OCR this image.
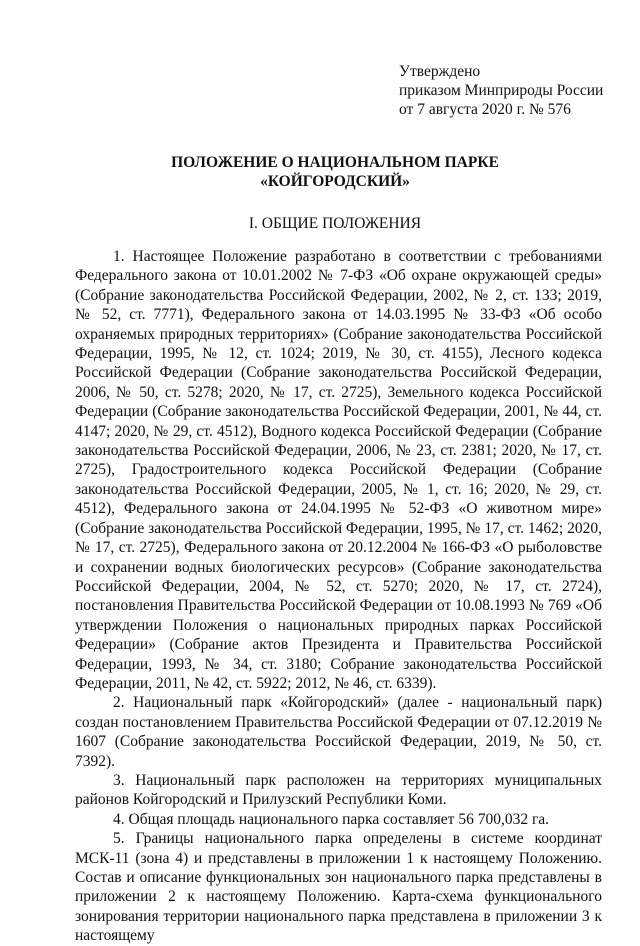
Утверждено
приказом Минприроды России
от 7 августа 2020 г. № 576
ПОЛОЖЕНИЕ О НАЦИОНАЛЬНОМ ПАРКЕ
«КОЙГОРОДСКИЙ»
I. ОБЩИЕ ПОЛОЖЕНИЯ

1. Настоящее Положение разработано в соответствии с требованиями Федерального закона от 10.01.2002 № 7-ФЗ «Об охране окружающей среды» (Собрание законодательства Российской Федерации, 2002, № 2, ст. 133; 2019, № 52, ст. 7771), Федерального закона от 14.03.1995 № 33-ФЗ «Об особо охраняемых природных территориях» (Собрание законодательства Российской Федерации, 1995, № 12, ст. 1024; 2019, № 30, ст. 4155), Лесного кодекса Российской Федерации (Собрание законодательства Российской Федерации, 2006, № 50, ст. 5278; 2020, № 17, ст. 2725), Земельного кодекса Российской Федерации (Собрание законодательства Российской Федерации, 2001, № 44, ст. 4147; 2020, № 29, ст. 4512), Водного кодекса Российской Федерации (Собрание законодательства Российской Федерации, 2006, № 23, ст. 2381; 2020, № 17, ст. 2725), Градостроительного кодекса Российской Федерации (Собрание законодательства Российской Федерации, 2005, № 1, ст. 16; 2020, № 29, ст. 4512), Федерального закона от 24.04.1995 № 52-ФЗ «О животном мире» (Собрание законодательства Российской Федерации, 1995, № 17, ст. 1462; 2020, № 17, ст. 2725), Федерального закона от 20.12.2004 № 166-ФЗ «О рыболовстве и сохранении водных биологических ресурсов» (Собрание законодательства Российской Федерации, 2004, № 52, ст. 5270; 2020, № 17, ст. 2724), постановления Правительства Российской Федерации от 10.08.1993 № 769 «Об утверждении Положения о национальных природных парках Российской Федерации» (Собрание актов Президента и Правительства Российской Федерации, 1993, № 34, ст. 3180; Собрание законодательства Российской Федерации, 2011, № 42, ст. 5922; 2012, № 46, ст. 6339).

2. Национальный парк «Койгородский» (далее - национальный парк) создан постановлением Правительства Российской Федерации от 07.12.2019 № 1607 (Собрание законодательства Российской Федерации, 2019, № 50, ст. 7392).

3. Национальный парк расположен на территориях муниципальных районов Койгородский и Прилузский Республики Коми.

4. Общая площадь национального парка составляет 56 700,032 га.

5. Границы национального парка определены в системе координат МСК-11 (зона 4) и представлены в приложении 1 к настоящему Положению. Состав и описание функциональных зон национального парка представлены в приложении 2 к настоящему Положению. Карта-схема функционального зонирования территории национального парка представлена в приложении 3 к настоящему
